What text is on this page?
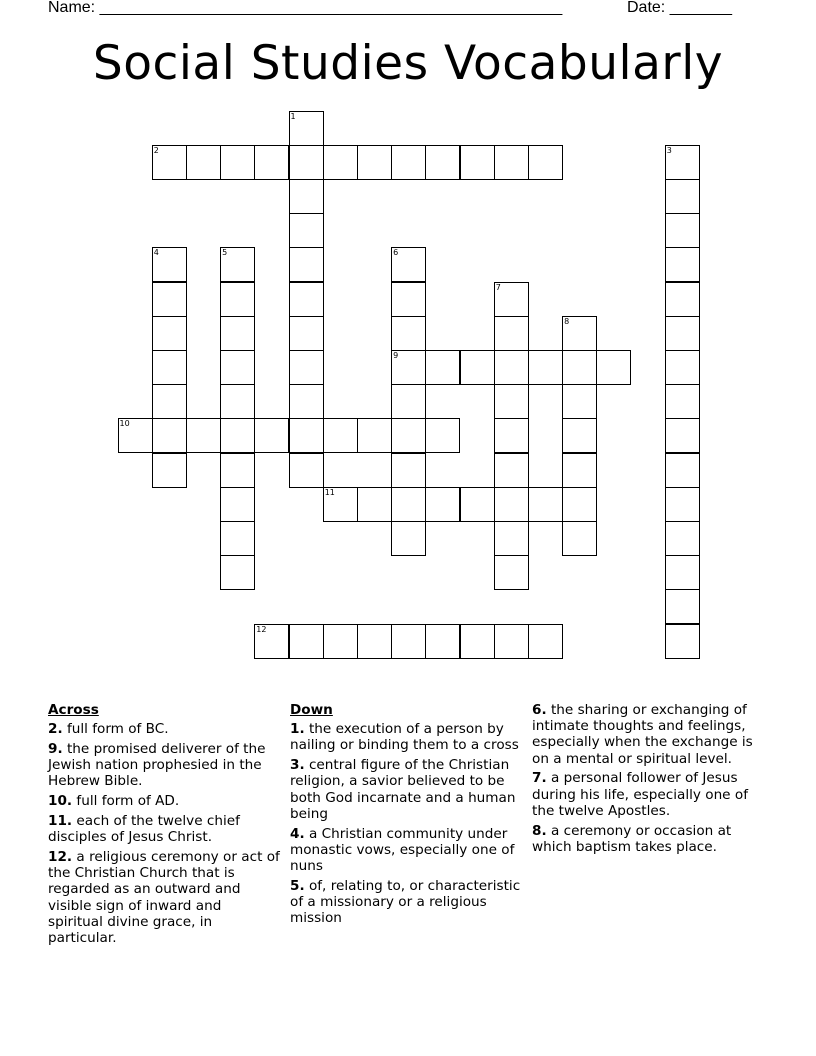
Name: ____________________________________________________	Date: _______
Social Studies Vocabularly
1
2	3
4	5	6
9
7
8
10
11
12
Across
2. full form of BC.
9. the promised deliverer of the Jewish nation prophesied in the Hebrew Bible.
10. full form of AD.
11. each of the twelve chief disciples of Jesus Christ.
12. a religious ceremony or act of the Christian Church that is regarded as an outward and visible sign of inward and spiritual divine grace, in particular.
Down
1. the execution of a person by nailing or binding them to a cross
3. central figure of the Christian religion, a savior believed to be both God incarnate and a human being
4. a Christian community under monastic vows, especially one of nuns
5. of, relating to, or characteristic of a missionary or a religious mission
6. the sharing or exchanging of intimate thoughts and feelings, especially when the exchange is on a mental or spiritual level.
7. a personal follower of Jesus during his life, especially one of the twelve Apostles.
8. a ceremony or occasion at which baptism takes place.
